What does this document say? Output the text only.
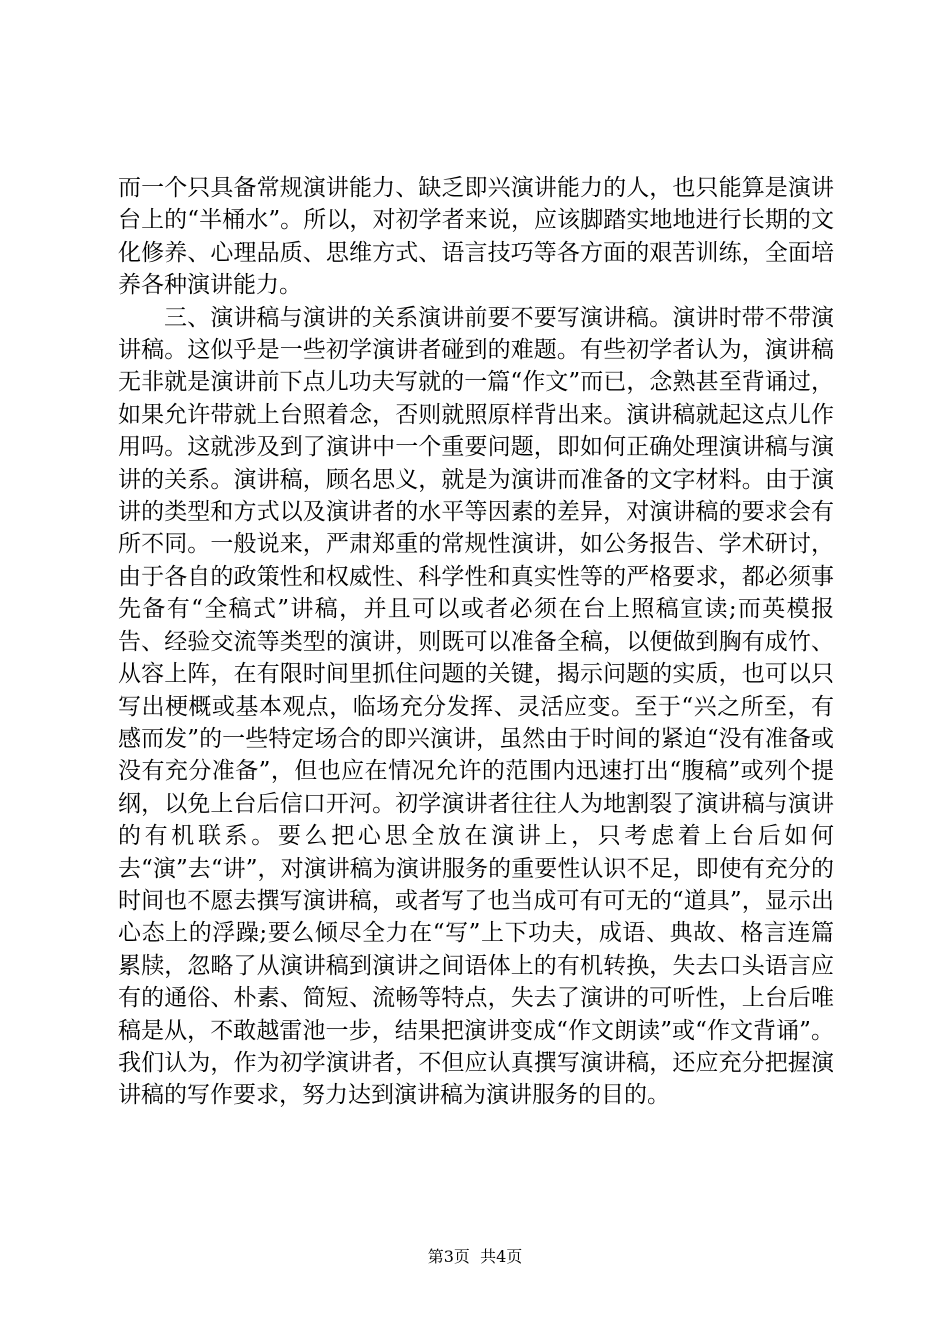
而一个只具备常规演讲能力、缺乏即兴演讲能力的人，也只能算是演讲台上的“半桶水”。所以，对初学者来说，应该脚踏实地地进行长期的文化修养、心理品质、思维方式、语言技巧等各方面的艰苦训练，全面培养各种演讲能力。

三、演讲稿与演讲的关系演讲前要不要写演讲稿。演讲时带不带演讲稿。这似乎是一些初学演讲者碰到的难题。有些初学者认为，演讲稿无非就是演讲前下点儿功夫写就的一篇“作文”而已，念熟甚至背诵过，如果允许带就上台照着念，否则就照原样背出来。演讲稿就起这点儿作用吗。这就涉及到了演讲中一个重要问题，即如何正确处理演讲稿与演讲的关系。演讲稿，顾名思义，就是为演讲而准备的文字材料。由于演讲的类型和方式以及演讲者的水平等因素的差异，对演讲稿的要求会有所不同。一般说来，严肃郑重的常规性演讲，如公务报告、学术研讨，由于各自的政策性和权威性、科学性和真实性等的严格要求，都必须事先备有“全稿式”讲稿，并且可以或者必须在台上照稿宣读;而英模报告、经验交流等类型的演讲，则既可以准备全稿，以便做到胸有成竹、从容上阵，在有限时间里抓住问题的关键，揭示问题的实质，也可以只写出梗概或基本观点，临场充分发挥、灵活应变。至于“兴之所至，有感而发”的一些特定场合的即兴演讲，虽然由于时间的紧迫“没有准备或没有充分准备”，但也应在情况允许的范围内迅速打出“腹稿”或列个提纲，以免上台后信口开河。初学演讲者往往人为地割裂了演讲稿与演讲的有机联系。要么把心思全放在演讲上，只考虑着上台后如何去“演”去“讲”，对演讲稿为演讲服务的重要性认识不足，即使有充分的时间也不愿去撰写演讲稿，或者写了也当成可有可无的“道具”，显示出心态上的浮躁;要么倾尽全力在“写”上下功夫，成语、典故、格言连篇累牍，忽略了从演讲稿到演讲之间语体上的有机转换，失去口头语言应有的通俗、朴素、简短、流畅等特点，失去了演讲的可听性，上台后唯稿是从，不敢越雷池一步，结果把演讲变成“作文朗读”或“作文背诵”。我们认为，作为初学演讲者，不但应认真撰写演讲稿，还应充分把握演讲稿的写作要求，努力达到演讲稿为演讲服务的目的。

第3页  共4页
